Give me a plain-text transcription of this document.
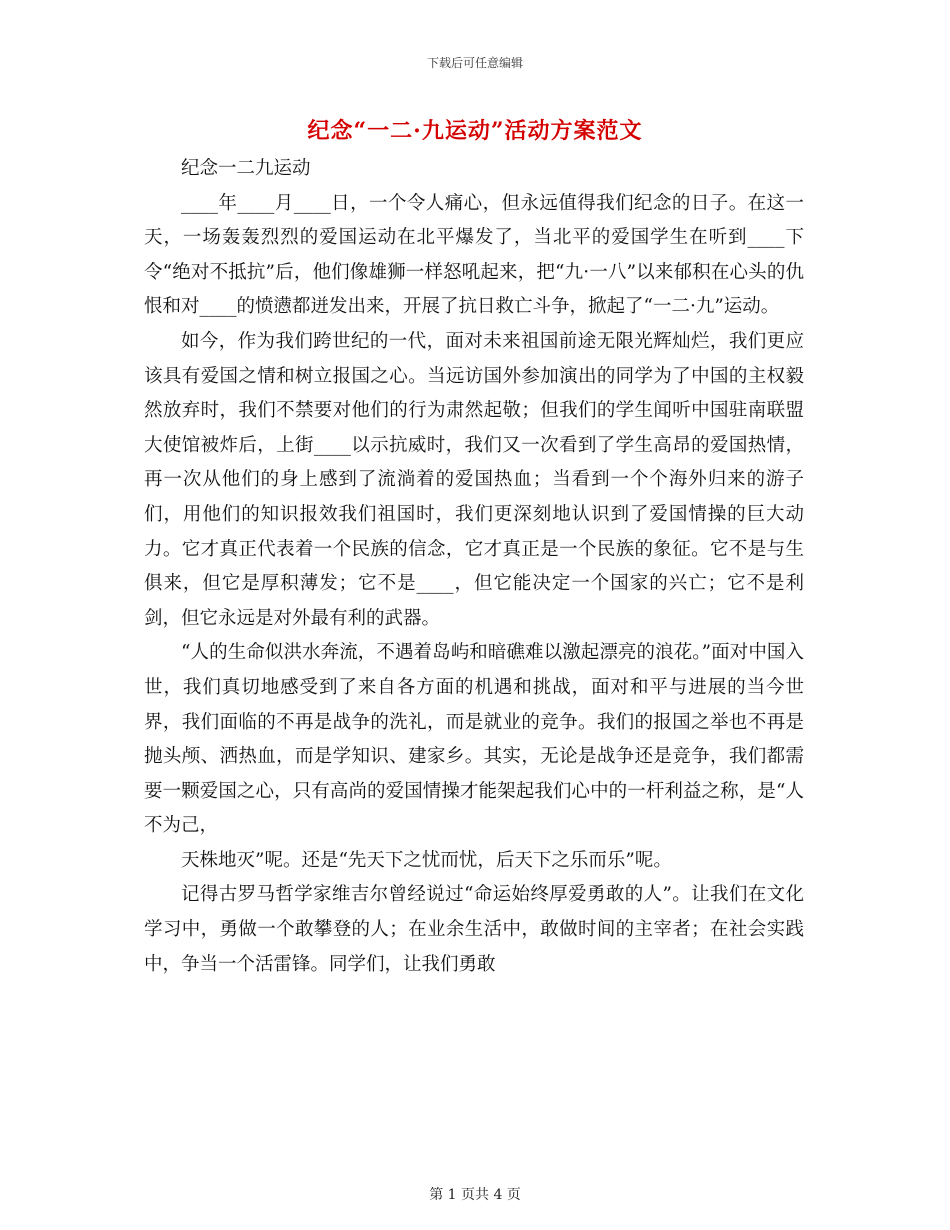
下载后可任意编辑
纪念“一二·九运动”活动方案范文

纪念一二九运动

____年____月____日，一个令人痛心，但永远值得我们纪念的日子。在这一天，一场轰轰烈烈的爱国运动在北平爆发了，当北平的爱国学生在听到____下令“绝对不抵抗”后，他们像雄狮一样怒吼起来，把“九·一八”以来郁积在心头的仇恨和对____的愤懑都迸发出来，开展了抗日救亡斗争，掀起了“一二·九”运动。

如今，作为我们跨世纪的一代，面对未来祖国前途无限光辉灿烂，我们更应该具有爱国之情和树立报国之心。当远访国外参加演出的同学为了中国的主权毅然放弃时，我们不禁要对他们的行为肃然起敬；但我们的学生闻听中国驻南联盟大使馆被炸后，上街____以示抗威时，我们又一次看到了学生高昂的爱国热情，再一次从他们的身上感到了流淌着的爱国热血；当看到一个个海外归来的游子们，用他们的知识报效我们祖国时，我们更深刻地认识到了爱国情操的巨大动力。它才真正代表着一个民族的信念，它才真正是一个民族的象征。它不是与生俱来，但它是厚积薄发；它不是____，但它能决定一个国家的兴亡；它不是利剑，但它永远是对外最有利的武器。

“人的生命似洪水奔流，不遇着岛屿和暗礁难以激起漂亮的浪花。”面对中国入世，我们真切地感受到了来自各方面的机遇和挑战，面对和平与进展的当今世界，我们面临的不再是战争的洗礼，而是就业的竞争。我们的报国之举也不再是抛头颅、洒热血，而是学知识、建家乡。其实，无论是战争还是竞争，我们都需要一颗爱国之心，只有高尚的爱国情操才能架起我们心中的一杆利益之称，是“人不为己，

天株地灭”呢。还是“先天下之忧而忧，后天下之乐而乐”呢。

记得古罗马哲学家维吉尔曾经说过“命运始终厚爱勇敢的人”。让我们在文化学习中，勇做一个敢攀登的人；在业余生活中，敢做时间的主宰者；在社会实践中，争当一个活雷锋。同学们，让我们勇敢

第 1 页共 4 页
